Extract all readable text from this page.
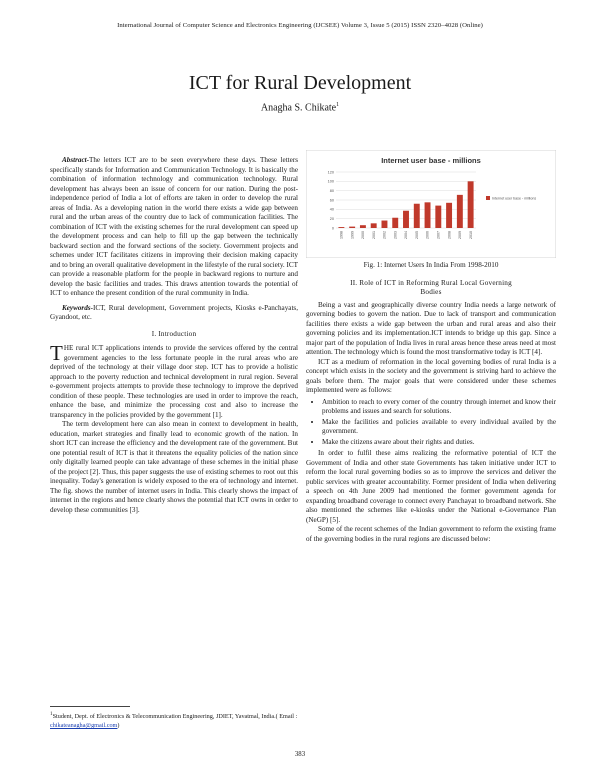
International Journal of Computer Science and Electronics Engineering (IJCSEE) Volume 3, Issue 5 (2015) ISSN 2320–4028 (Online)
ICT for Rural Development
Anagha S. Chikate$^1$

Abstract-The letters ICT are to be seen everywhere these days. These letters specifically stands for Information and Communication Technology. It is basically the combination of information technology and communication technology. Rural development has always been an issue of concern for our nation. During the post-independence period of India a lot of efforts are taken in order to develop the rural areas of India. As a developing nation in the world there exists a wide gap between rural and the urban areas of the country due to lack of communication facilities. The combination of ICT with the existing schemes for the rural development can speed up the development process and can help to fill up the gap between the technically backward section and the forward sections of the society. Government projects and schemes under ICT facilitates citizens in improving their decision making capacity and to bring an overall qualitative development in the lifestyle of the rural society. ICT can provide a reasonable platform for the people in backward regions to nurture and develop the basic facilities and trades. This draws attention towards the potential of ICT to enhance the present condition of the rural community in India.

Keywords-ICT, Rural development, Government projects, Kiosks e-Panchayats, Gyandoot, etc.

I. Introduction

THE rural ICT applications intends to provide the services offered by the central government agencies to the less fortunate people in the rural areas who are deprived of the technology at their village door step. ICT has to provide a holistic approach to the poverty reduction and technical development in rural region. Several e-government projects attempts to provide these technology to improve the deprived condition of these people. These technologies are used in order to improve the reach, enhance the base, and minimize the processing cost and also to increase the transparency in the policies provided by the government [1].

The term development here can also mean in context to development in health, education, market strategies and finally lead to economic growth of the nation. In short ICT can increase the efficiency and the development rate of the government. But one potential result of ICT is that it threatens the equality policies of the nation since only digitally learned people can take advantage of these schemes in the initial phase of the project [2]. Thus, this paper suggests the use of existing schemes to root out this inequality. Today's generation is widely exposed to the era of technology and internet. The fig. shows the number of internet users in India. This clearly shows the impact of internet in the regions and hence clearly shows the potential that ICT owns in order to develop these communities [3].

$^1$Student, Dept. of Electronics & Telecommunication Engineering, JDIET, Yavatmal, India.( Email : chikateanagha@gmail.com)
Internet user base - millions
0
20
40
60
80
100
120
1998 1999 2000 2001 2002 2003 2004 2005 2006 2007 2008 2009 2010
Internet user base - millions
Fig. 1: Internet Users In India From 1998-2010
II. Role of ICT in Reforming Rural Local Governing
Bodies

Being a vast and geographically diverse country India needs a large network of governing bodies to govern the nation. Due to lack of transport and communication facilities there exists a wide gap between the urban and rural areas and also their governing policies and its implementation.ICT intends to bridge up this gap. Since a major part of the population of India lives in rural areas hence these areas need at most attention. The technology which is found the most transformative today is ICT [4].

ICT as a medium of reformation in the local governing bodies of rural India is a concept which exists in the society and the government is striving hard to achieve the goals before them. The major goals that were considered under these schemes implemented were as follows:

• Ambition to reach to every corner of the country through internet and know their problems and issues and search for solutions.
• Make the facilities and policies available to every individual availed by the government.
• Make the citizens aware about their rights and duties.

In order to fulfil these aims realizing the reformative potential of ICT the Government of India and other state Governments has taken initiative under ICT to reform the local rural governing bodies so as to improve the services and deliver the public services with greater accountability. Former president of India when delivering a speech on 4th June 2009 had mentioned the former government agenda for expanding broadband coverage to connect every Panchayat to broadband network. She also mentioned the schemes like e-kiosks under the National e-Governance Plan (NeGP) [5].

Some of the recent schemes of the Indian government to reform the existing frame of the governing bodies in the rural regions are discussed below:

383
